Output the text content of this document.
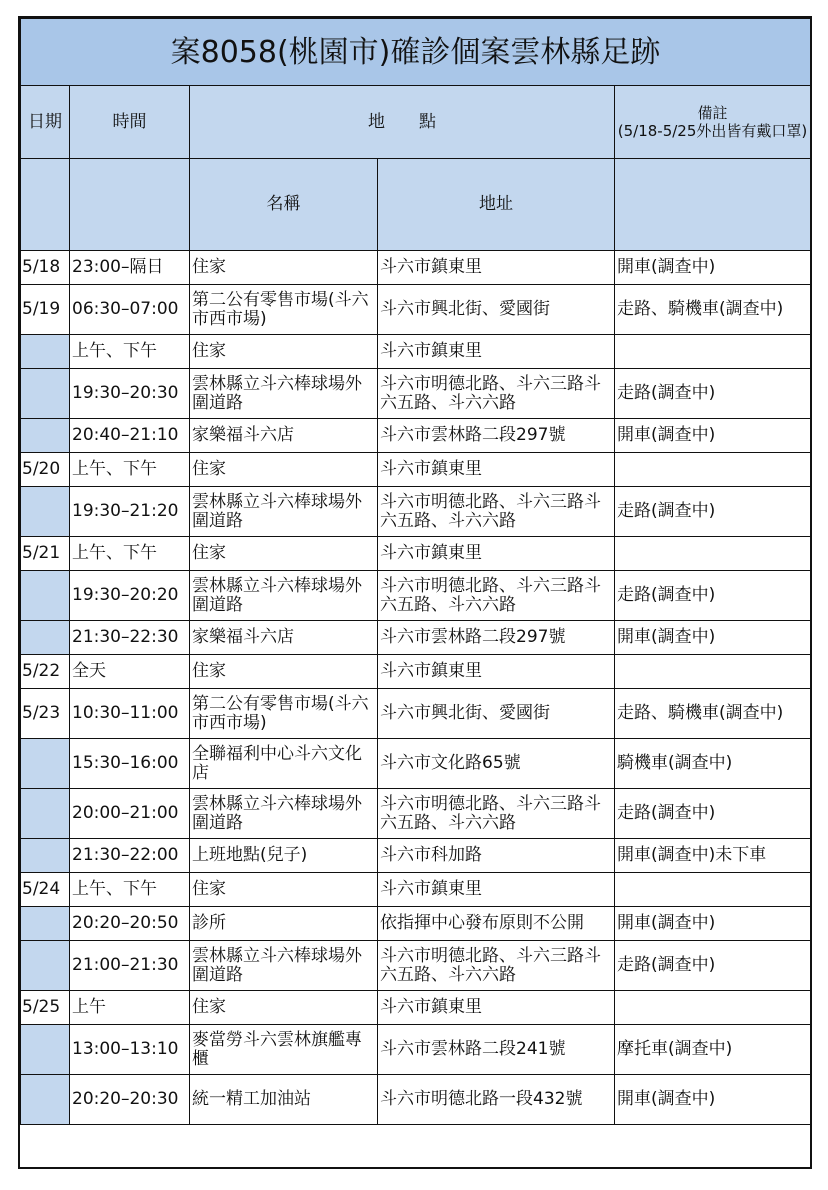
案8058(桃園市)確診個案雲林縣足跡				
日期	時間	地　　點		備註
(5/18-5/25外出皆有戴口罩)

		名稱	地址	
5/18	23:00–隔日	住家	斗六市鎮東里	開車(調查中)
5/19	06:30–07:00	第二公有零售市場(斗六市西市場)	斗六市興北街、愛國街	走路、騎機車(調查中)
	上午、下午	住家	斗六市鎮東里	
	19:30–20:30	雲林縣立斗六棒球場外圍道路	斗六市明德北路、斗六三路斗六五路、斗六六路	走路(調查中)
	20:40–21:10	家樂福斗六店	斗六市雲林路二段297號	開車(調查中)
5/20	上午、下午	住家	斗六市鎮東里	
	19:30–21:20	雲林縣立斗六棒球場外圍道路	斗六市明德北路、斗六三路斗六五路、斗六六路	走路(調查中)
5/21	上午、下午	住家	斗六市鎮東里	
	19:30–20:20	雲林縣立斗六棒球場外圍道路	斗六市明德北路、斗六三路斗六五路、斗六六路	走路(調查中)
	21:30–22:30	家樂福斗六店	斗六市雲林路二段297號	開車(調查中)
5/22	全天	住家	斗六市鎮東里	
5/23	10:30–11:00	第二公有零售市場(斗六市西市場)	斗六市興北街、愛國街	走路、騎機車(調查中)
	15:30–16:00	全聯福利中心斗六文化店	斗六市文化路65號	騎機車(調查中)
	20:00–21:00	雲林縣立斗六棒球場外圍道路	斗六市明德北路、斗六三路斗六五路、斗六六路	走路(調查中)
	21:30–22:00	上班地點(兒子)	斗六市科加路	開車(調查中)未下車
5/24	上午、下午	住家	斗六市鎮東里	
	20:20–20:50	診所	依指揮中心發布原則不公開	開車(調查中)
	21:00–21:30	雲林縣立斗六棒球場外圍道路	斗六市明德北路、斗六三路斗六五路、斗六六路	走路(調查中)
5/25	上午	住家	斗六市鎮東里	
	13:00–13:10	麥當勞斗六雲林旗艦專櫃	斗六市雲林路二段241號	摩托車(調查中)
	20:20–20:30	統一精工加油站	斗六市明德北路一段432號	開車(調查中)
